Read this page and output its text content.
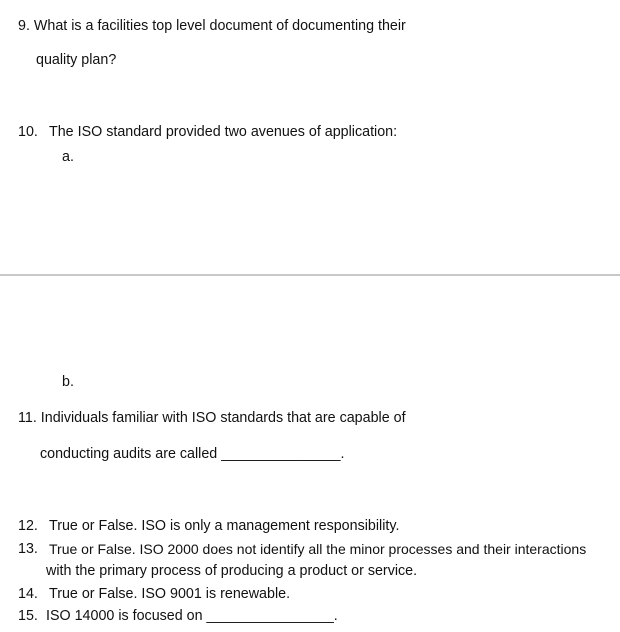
9. What is a facilities top level document of documenting their
quality plan?
10. The ISO standard provided two avenues of application:
a.
b.
11. Individuals familiar with ISO standards that are capable of
conducting audits are called _______________.
12. True or False. ISO is only a management responsibility.
13. True or False. ISO 2000 does not identify all the minor processes and their interactions
with the primary process of producing a product or service.
14. True or False. ISO 9001 is renewable.
15. ISO 14000 is focused on ________________.
